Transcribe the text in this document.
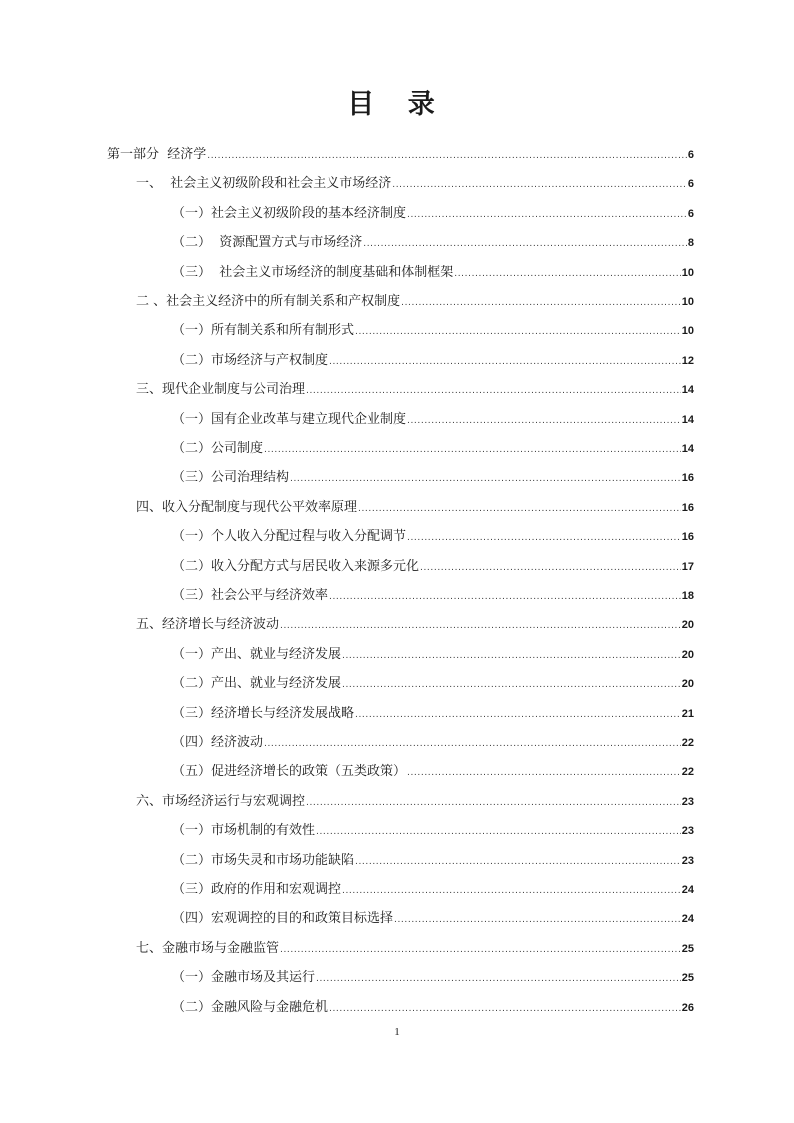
目 录
第一部分  经济学 .....	6
一、  社会主义初级阶段和社会主义市场经济 .....	6
（一）社会主义初级阶段的基本经济制度 .....	6
（二）  资源配置方式与市场经济 .....	8
（三）  社会主义市场经济的制度基础和体制框架 .....	10
二 、社会主义经济中的所有制关系和产权制度 .....	10
（一）所有制关系和所有制形式 .....	10
（二）市场经济与产权制度 .....	12
三、现代企业制度与公司治理 .....	14
（一）国有企业改革与建立现代企业制度 .....	14
（二）公司制度 .....	14
（三）公司治理结构 .....	16
四、收入分配制度与现代公平效率原理 .....	16
（一）个人收入分配过程与收入分配调节 .....	16
（二）收入分配方式与居民收入来源多元化 .....	17
（三）社会公平与经济效率 .....	18
五、经济增长与经济波动 .....	20
（一）产出、就业与经济发展 .....	20
（二）产出、就业与经济发展 .....	20
（三）经济增长与经济发展战略 .....	21
（四）经济波动 .....	22
（五）促进经济增长的政策（五类政策） .....	22
六、市场经济运行与宏观调控 .....	23
（一）市场机制的有效性 .....	23
（二）市场失灵和市场功能缺陷 .....	23
（三）政府的作用和宏观调控 .....	24
（四）宏观调控的目的和政策目标选择 .....	24
七、金融市场与金融监管 .....	25
（一）金融市场及其运行 .....	25
（二）金融风险与金融危机 .....	26
1
